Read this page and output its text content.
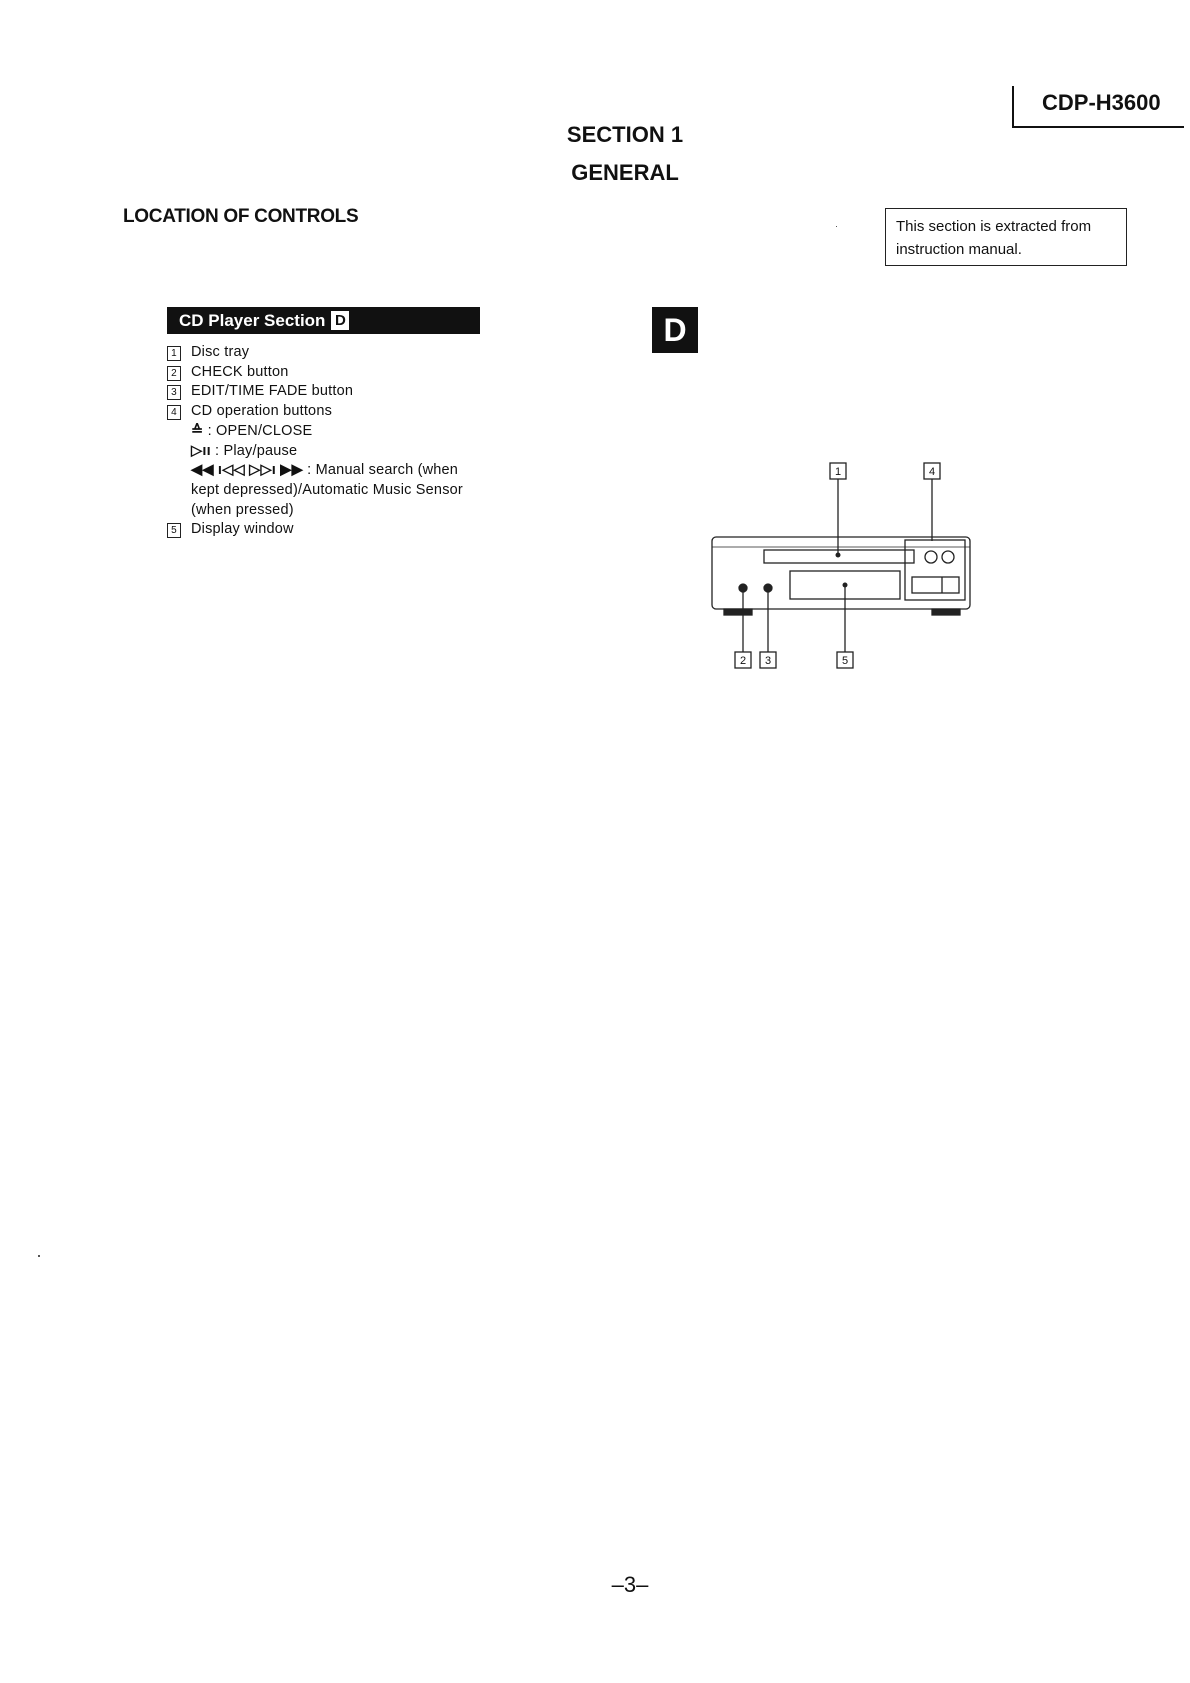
CDP-H3600
SECTION 1
GENERAL
LOCATION OF CONTROLS	This section is extracted from instruction manual.
CD Player Section D
1 Disc tray
2 CHECK button
3 EDIT/TIME FADE button
4 CD operation buttons
≙ : OPEN/CLOSE
▷ıı : Play/pause
◀◀ ı◁◁ ▷▷ı ▶▶ : Manual search (when kept depressed)/Automatic Music Sensor (when pressed)
5 Display window
D
1
2 3
4
5
–3–
